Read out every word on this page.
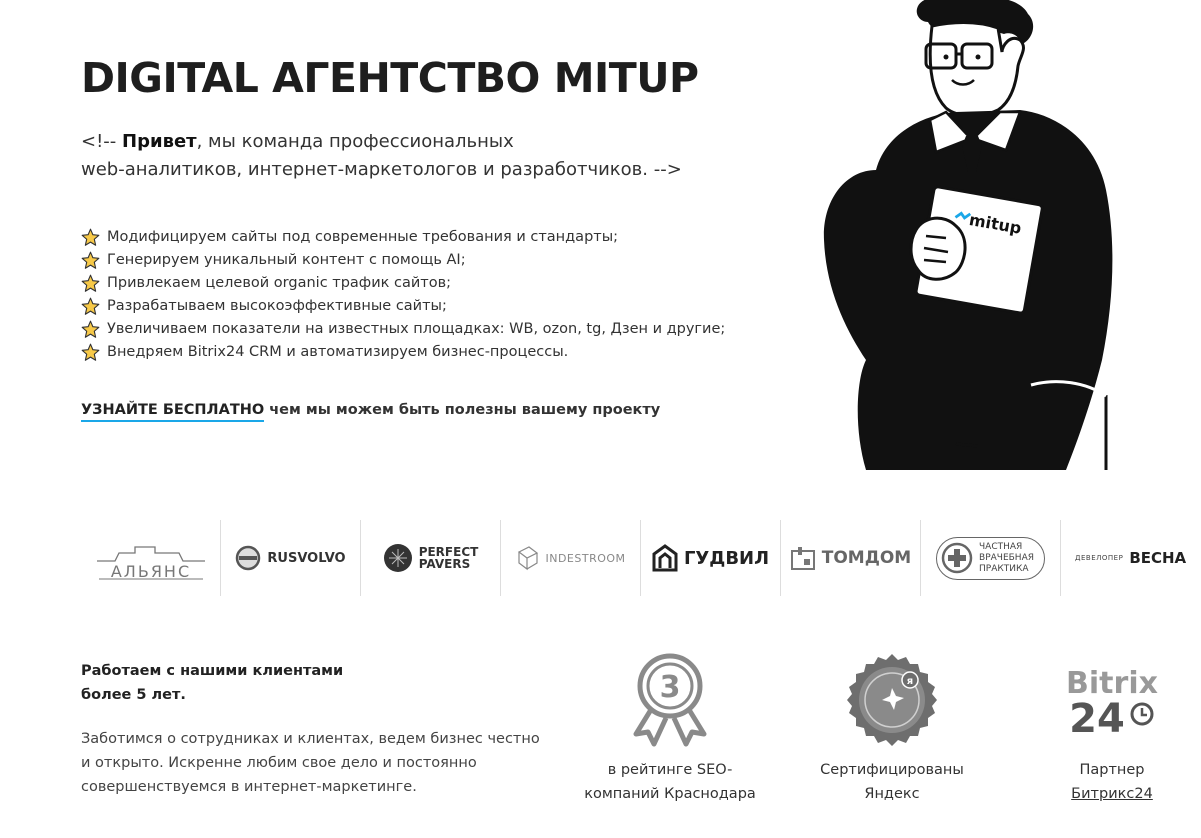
DIGITAL АГЕНТСТВО MITUP
<!-- Привет, мы команда профессиональных
web-аналитиков, интернет-маркетологов и разработчиков. -->
Модифицируем сайты под современные требования и стандарты;
Генерируем уникальный контент с помощь AI;
Привлекаем целевой organic трафик сайтов;
Разрабатываем высокоэффективные сайты;
Увеличиваем показатели на известных площадках: WB, ozon, tg, Дзен и другие;
Внедряем Bitrix24 CRM и автоматизируем бизнес-процессы.
УЗНАЙТЕ БЕСПЛАТНО чем мы можем быть полезны вашему проекту
mitup
АЛЬЯНС
RUSVOLVO	PERFECT
PAVERS	INDESTROOM	ГУДВИЛ	ТОМДОМ
ЧАСТНАЯ
ВРАЧЕБНАЯ
ПРАКТИКА
ДЕВЕЛОПЕР ВЕСНА
Работаем с нашими клиентами
более 5 лет.
Заботимся о сотрудниках и клиентах, ведем бизнес честно
и открыто. Искренне любим свое дело и постоянно
совершенствуемся в интернет-маркетинге.
3
в рейтинге SEO-
компаний Краснодара
я
Сертифицированы
Яндекс
Bitrix
24
Партнер
Битрикс24
